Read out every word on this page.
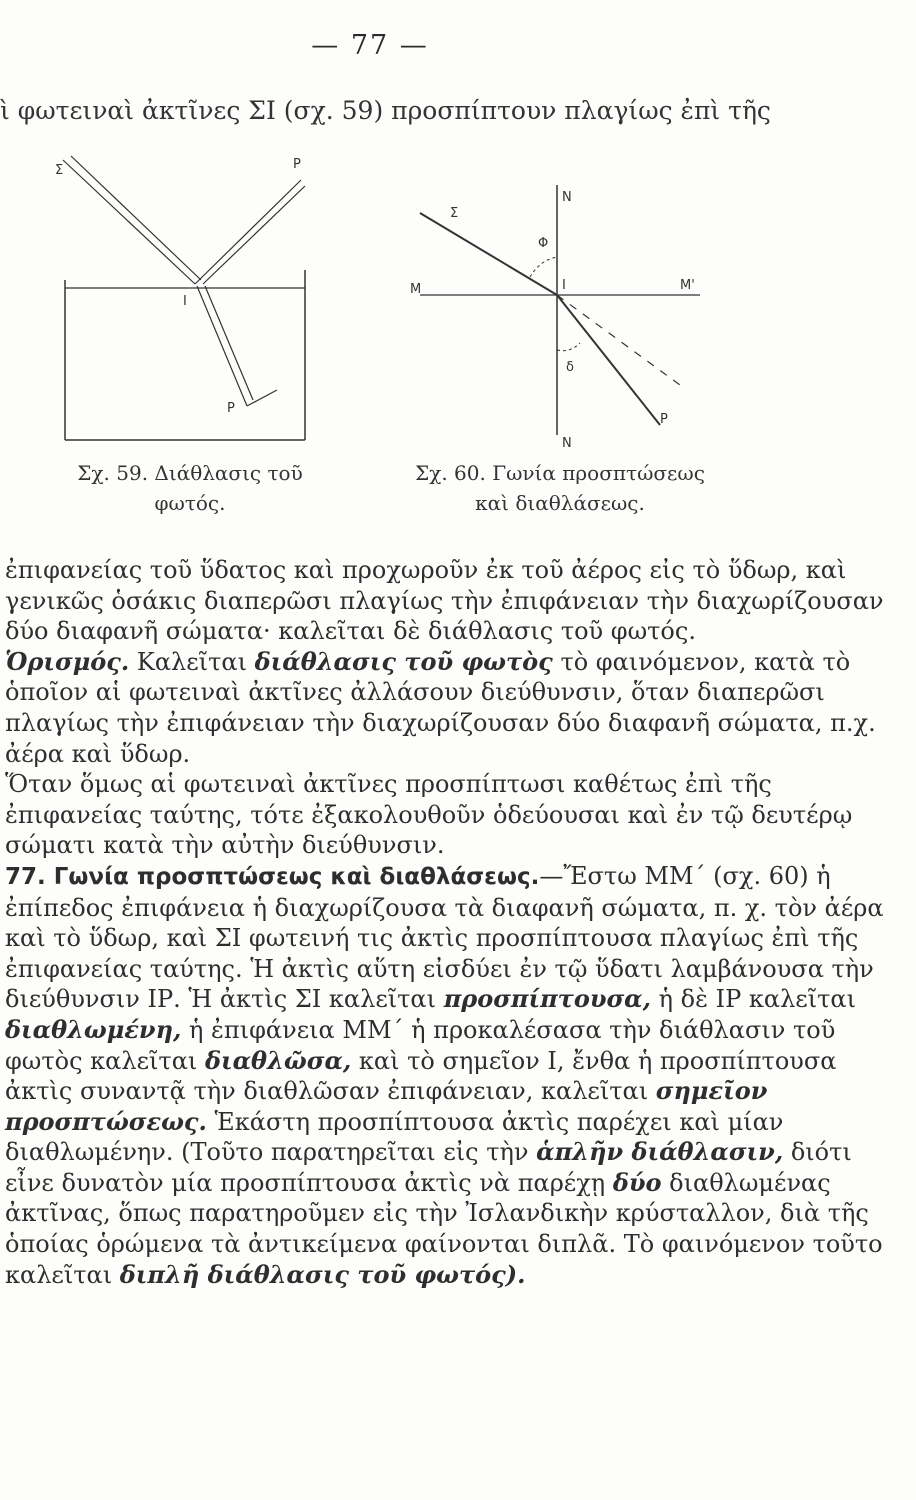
— 77 —
ὶ φωτειναὶ ἀκτῖνες ΣΙ (σχ. 59) προσπίπτουν πλαγίως ἐπὶ τῆς
Σ	Ρ
Ι
Ρ
Ν
Σ
Φ
Μ	Ι	Μ'
δ
Ν
Ρ
Σχ. 59. Διάθλασις τοῦ
φωτός.
Σχ. 60. Γωνία προσπτώσεως
καὶ διαθλάσεως.

ἐπιφανείας τοῦ ὕδατος καὶ προχωροῦν ἐκ τοῦ ἀέρος εἰς τὸ ὕδωρ, καὶ γενικῶς ὁσάκις διαπερῶσι πλαγίως τὴν ἐπιφάνειαν τὴν διαχωρίζουσαν δύο διαφανῆ σώματα· καλεῖται δὲ διάθλασις τοῦ φωτός.

Ὁρισμός. Καλεῖται διάθλασις τοῦ φωτὸς τὸ φαινόμενον, κατὰ τὸ ὁποῖον αἱ φωτειναὶ ἀκτῖνες ἀλλάσουν διεύθυνσιν, ὅταν διαπερῶσι πλαγίως τὴν ἐπιφάνειαν τὴν διαχωρίζουσαν δύο διαφανῆ σώματα, π.χ. ἀέρα καὶ ὕδωρ.

Ὅταν ὅμως αἱ φωτειναὶ ἀκτῖνες προσπίπτωσι καθέτως ἐπὶ τῆς ἐπιφανείας ταύτης, τότε ἐξακολουθοῦν ὁδεύουσαι καὶ ἐν τῷ δευτέρῳ σώματι κατὰ τὴν αὐτὴν διεύθυνσιν.

77. Γωνία προσπτώσεως καὶ διαθλάσεως.—Ἔστω ΜΜ΄ (σχ. 60) ἡ ἐπίπεδος ἐπιφάνεια ἡ διαχωρίζουσα τὰ διαφανῆ σώματα, π. χ. τὸν ἀέρα καὶ τὸ ὕδωρ, καὶ ΣΙ φωτεινή τις ἀκτὶς προσπίπτουσα πλαγίως ἐπὶ τῆς ἐπιφανείας ταύτης. Ἡ ἀκτὶς αὕτη εἰσδύει ἐν τῷ ὕδατι λαμβάνουσα τὴν διεύθυνσιν ΙΡ. Ἡ ἀκτὶς ΣΙ καλεῖται προσπίπτουσα, ἡ δὲ ΙΡ καλεῖται διαθλωμένη, ἡ ἐπιφάνεια ΜΜ΄ ἡ προκαλέσασα τὴν διάθλασιν τοῦ φωτὸς καλεῖται διαθλῶσα, καὶ τὸ σημεῖον Ι, ἔνθα ἡ προσπίπτουσα ἀκτὶς συναντᾷ τὴν διαθλῶσαν ἐπιφάνειαν, καλεῖται σημεῖον προσπτώσεως. Ἑκάστη προσπίπτουσα ἀκτὶς παρέχει καὶ μίαν διαθλωμένην. (Τοῦτο παρατηρεῖται εἰς τὴν ἁπλῆν διάθλασιν, διότι εἶνε δυνατὸν μία προσπίπτουσα ἀκτὶς νὰ παρέχῃ δύο διαθλωμένας ἀκτῖνας, ὅπως παρατηροῦμεν εἰς τὴν Ἰσλανδικὴν κρύσταλλον, διὰ τῆς ὁποίας ὁρώμενα τὰ ἀντικείμενα φαίνονται διπλᾶ. Τὸ φαινόμενον τοῦτο καλεῖται διπλῆ διάθλασις τοῦ φωτός).
